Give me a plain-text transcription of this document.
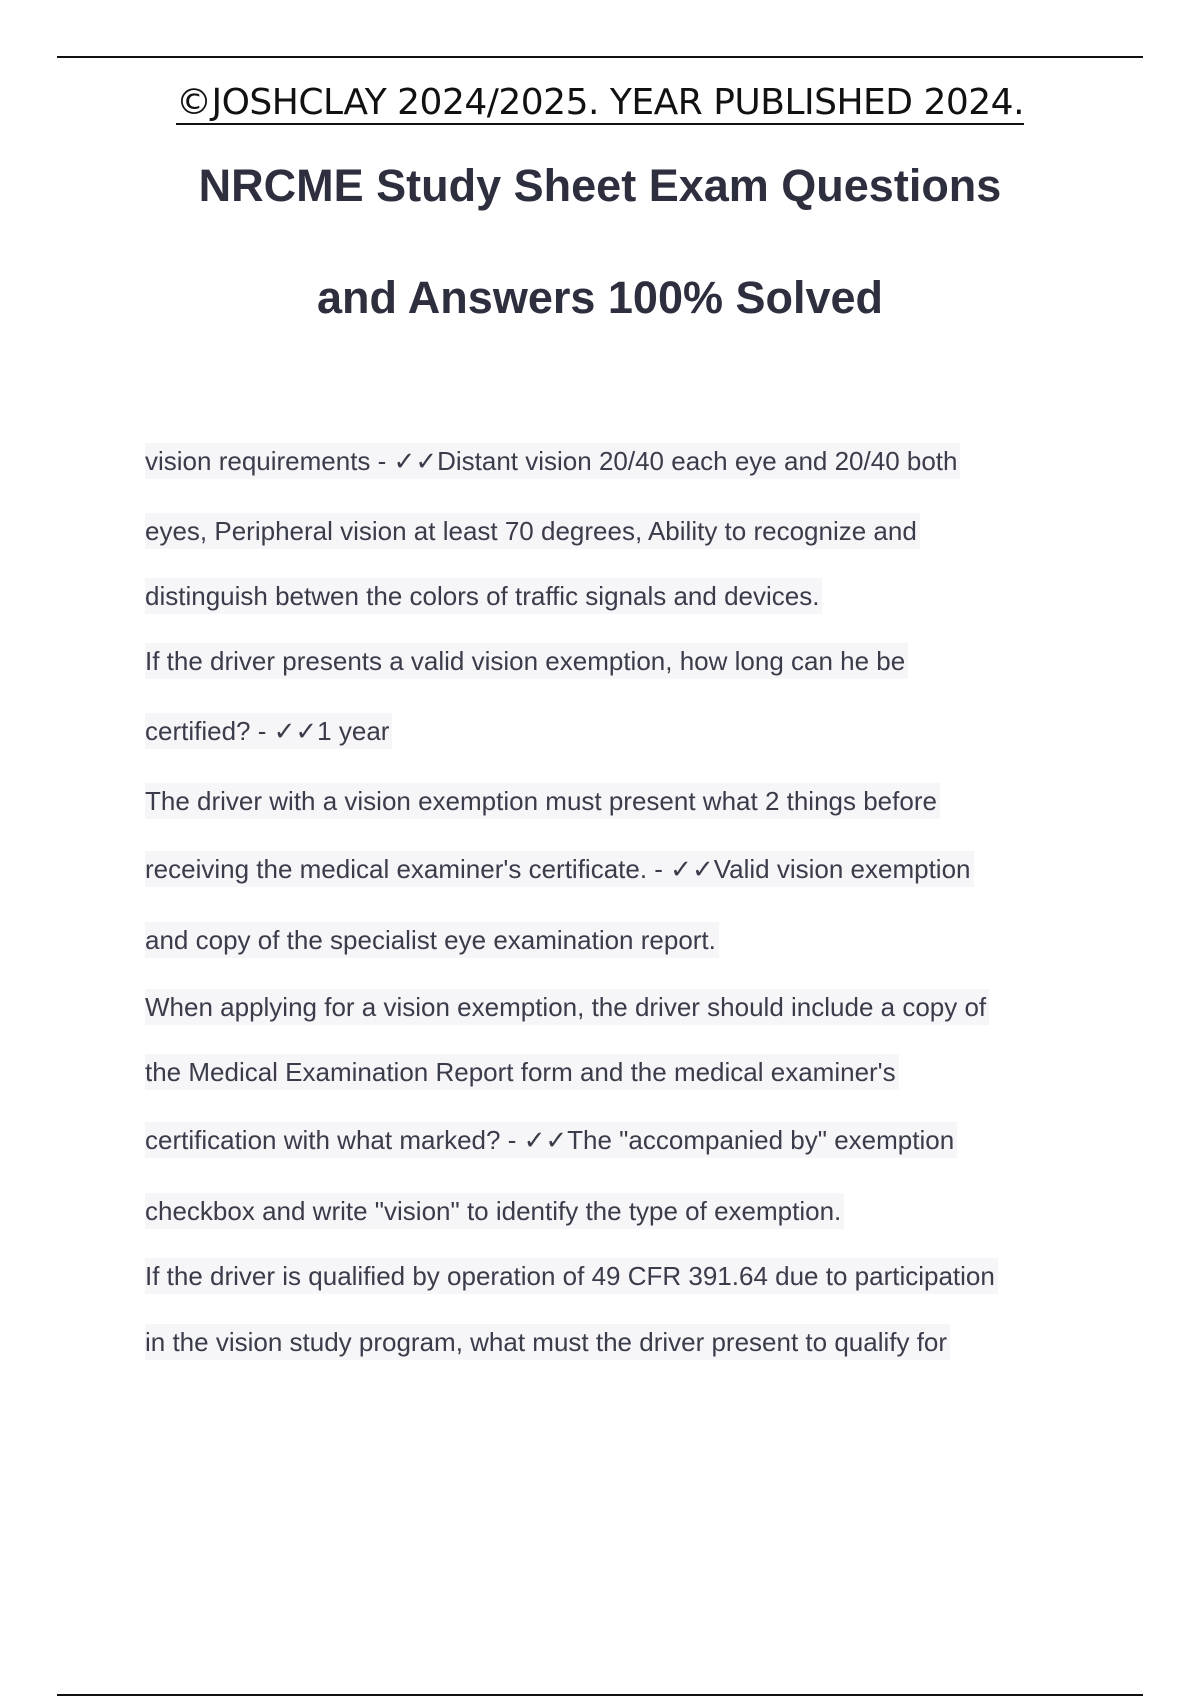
©JOSHCLAY 2024/2025. YEAR PUBLISHED 2024.
NRCME Study Sheet Exam Questions
and Answers 100% Solved
vision requirements - ✓✓Distant vision 20/40 each eye and 20/40 both
eyes, Peripheral vision at least 70 degrees, Ability to recognize and
distinguish betwen the colors of traffic signals and devices.
If the driver presents a valid vision exemption, how long can he be
certified? - ✓✓1 year
The driver with a vision exemption must present what 2 things before
receiving the medical examiner's certificate. - ✓✓Valid vision exemption
and copy of the specialist eye examination report.
When applying for a vision exemption, the driver should include a copy of
the Medical Examination Report form and the medical examiner's
certification with what marked? - ✓✓The "accompanied by" exemption
checkbox and write "vision" to identify the type of exemption.
If the driver is qualified by operation of 49 CFR 391.64 due to participation
in the vision study program, what must the driver present to qualify for
